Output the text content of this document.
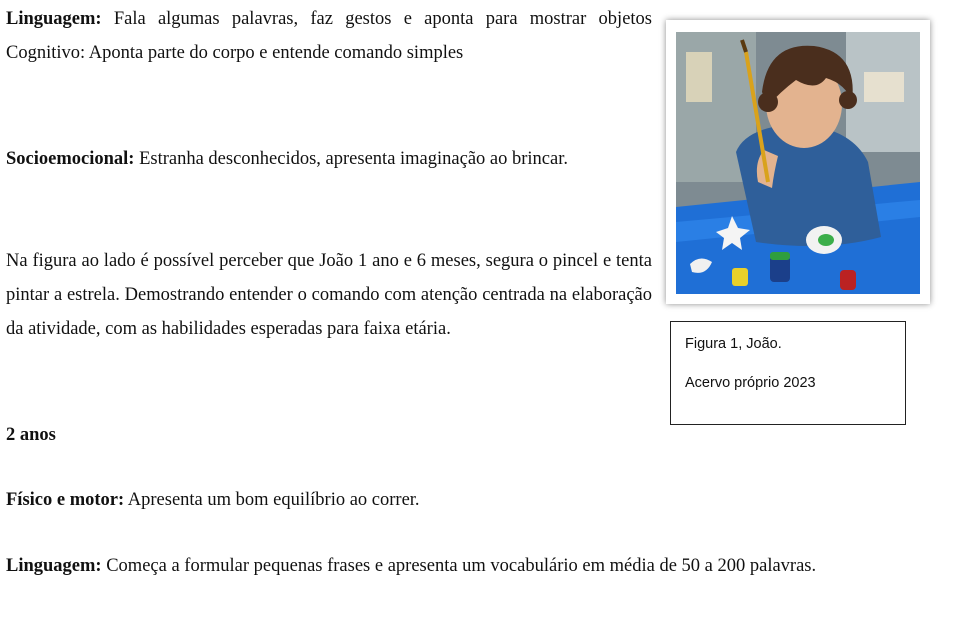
Linguagem: Fala algumas palavras, faz gestos e aponta para mostrar objetos Cognitivo: Aponta parte do corpo e entende comando simples

Socioemocional: Estranha desconhecidos, apresenta imaginação ao brincar.

Na figura ao lado é possível perceber que João 1 ano e 6 meses, segura o pincel e tenta pintar a estrela. Demostrando entender o comando com atenção centrada na elaboração da atividade, com as habilidades esperadas para faixa etária.

2 anos

Físico e motor: Apresenta um bom equilíbrio ao correr.

Linguagem: Começa a formular pequenas frases e apresenta um vocabulário em média de 50 a 200 palavras.

Figura 1, João.
Acervo próprio 2023
